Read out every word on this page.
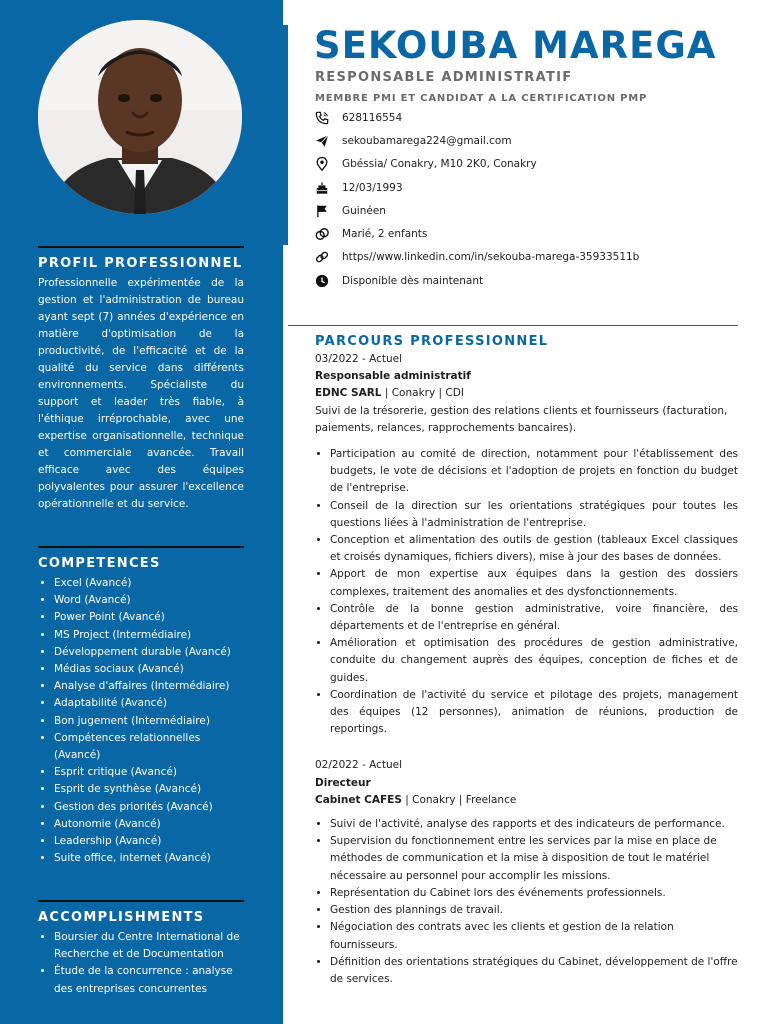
PROFIL PROFESSIONNEL

Professionnelle expérimentée de la gestion et l'administration de bureau ayant sept (7) années d'expérience en matière d'optimisation de la productivité, de l'efficacité et de la qualité du service dans différents environnements. Spécialiste du support et leader très fiable, à l'éthique irréprochable, avec une expertise organisationnelle, technique et commerciale avancée. Travail efficace avec des équipes polyvalentes pour assurer l'excellence opérationnelle et du service.

COMPETENCES
• Excel (Avancé)
• Word (Avancé)
• Power Point (Avancé)
• MS Project (Intermédiaire)
• Développement durable (Avancé)
• Médias sociaux (Avancé)
• Analyse d'affaires (Intermédiaire)
• Adaptabilité (Avancé)
• Bon jugement (Intermédiaire)
• Compétences relationnelles (Avancé)
• Esprit critique (Avancé)
• Esprit de synthèse (Avancé)
• Gestion des priorités (Avancé)
• Autonomie (Avancé)
• Leadership (Avancé)
• Suite office, internet (Avancé)
ACCOMPLISHMENTS
• Boursier du Centre International de Recherche et de Documentation
• Étude de la concurrence : analyse des entreprises concurrentes
SEKOUBA MAREGA
RESPONSABLE ADMINISTRATIF
MEMBRE PMI ET CANDIDAT A LA CERTIFICATION PMP
628116554
sekoubamarega224@gmail.com
Gbéssia/ Conakry, M10 2K0, Conakry
12/03/1993
Guinéen
Marié, 2 enfants
https//www.linkedin.com/in/sekouba-marega-35933511b
Disponible dès maintenant
PARCOURS PROFESSIONNEL

03/2022 - Actuel

Responsable administratif

EDNC SARL | Conakry | CDI

Suivi de la trésorerie, gestion des relations clients et fournisseurs (facturation, paiements, relances, rapprochements bancaires).

• Participation au comité de direction, notamment pour l'établissement des budgets, le vote de décisions et l'adoption de projets en fonction du budget de l'entreprise.
• Conseil de la direction sur les orientations stratégiques pour toutes les questions liées à l'administration de l'entreprise.
• Conception et alimentation des outils de gestion (tableaux Excel classiques et croisés dynamiques, fichiers divers), mise à jour des bases de données.
• Apport de mon expertise aux équipes dans la gestion des dossiers complexes, traitement des anomalies et des dysfonctionnements.
• Contrôle de la bonne gestion administrative, voire financière, des départements et de l'entreprise en général.
• Amélioration et optimisation des procédures de gestion administrative, conduite du changement auprès des équipes, conception de fiches et de guides.
• Coordination de l'activité du service et pilotage des projets, management des équipes (12 personnes), animation de réunions, production de reportings.

02/2022 - Actuel

Directeur

Cabinet CAFES | Conakry | Freelance

• Suivi de l'activité, analyse des rapports et des indicateurs de performance.
• Supervision du fonctionnement entre les services par la mise en place de méthodes de communication et la mise à disposition de tout le matériel nécessaire au personnel pour accomplir les missions.
• Représentation du Cabinet lors des événements professionnels.
• Gestion des plannings de travail.
• Négociation des contrats avec les clients et gestion de la relation fournisseurs.
• Définition des orientations stratégiques du Cabinet, développement de l'offre de services.
